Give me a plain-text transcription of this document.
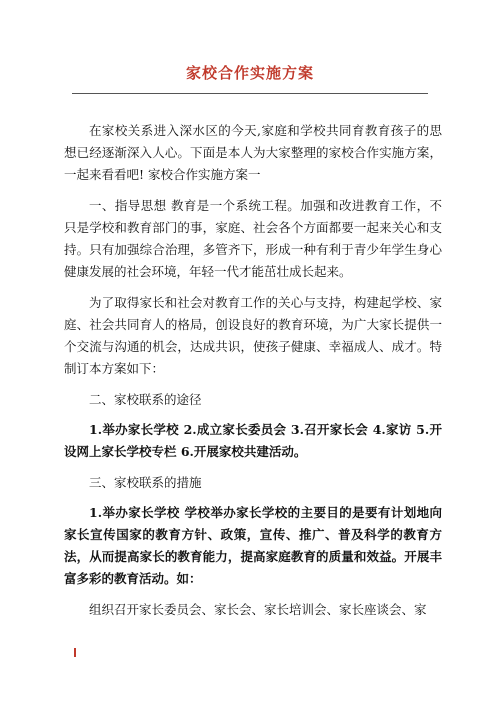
家校合作实施方案

在家校关系进入深水区的今天,家庭和学校共同育教育孩子的思想已经逐渐深入人心。下面是本人为大家整理的家校合作实施方案，一起来看看吧! 家校合作实施方案一

一、指导思想 教育是一个系统工程。加强和改进教育工作，不只是学校和教育部门的事，家庭、社会各个方面都要一起来关心和支持。只有加强综合治理，多管齐下，形成一种有利于青少年学生身心健康发展的社会环境，年轻一代才能茁壮成长起来。

为了取得家长和社会对教育工作的关心与支持，构建起学校、家庭、社会共同育人的格局，创设良好的教育环境，为广大家长提供一个交流与沟通的机会，达成共识，使孩子健康、幸福成人、成才。特制订本方案如下：

二、家校联系的途径

1.举办家长学校 2.成立家长委员会 3.召开家长会 4.家访 5.开设网上家长学校专栏 6.开展家校共建活动。

三、家校联系的措施

1.举办家长学校 学校举办家长学校的主要目的是要有计划地向家长宣传国家的教育方针、政策，宣传、推广、普及科学的教育方法，从而提高家长的教育能力，提高家庭教育的质量和效益。开展丰富多彩的教育活动。如：

组织召开家长委员会、家长会、家长培训会、家长座谈会、家
